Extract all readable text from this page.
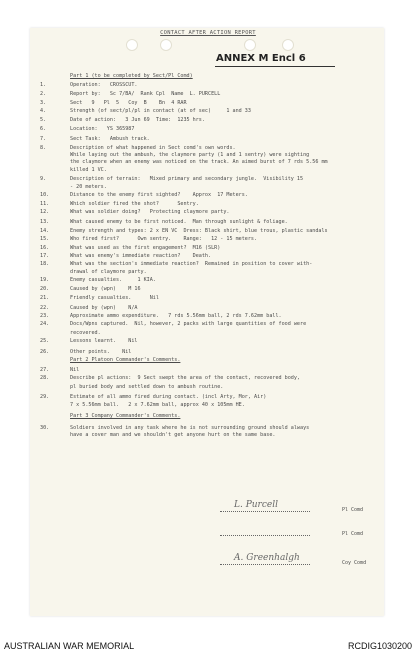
CONTACT AFTER ACTION REPORT
ANNEX M Encl 6
Part 1 (to be completed by Sect/Pl Comd)
1.	Operation:   CROSSCUT.
2.	Report by:   Sc 7/BA/  Rank Cpl  Name  L. PURCELL
3.	Sect   9   Pl  5   Coy  B    Bn  4 RAR
4.	Strength (of sect/pl/pl in contact (at of sec)     1 and 33
5.	Date of action:   3 Jun 69  Time:  1235 hrs.
6.	Location:   YS 365987
7.	Sect Task:   Ambush track.
8.	Description of what happened in Sect comd's own words.
While laying out the ambush, the claymore party (1 and 1 sentry) were sighting
the claymore when an enemy was noticed on the track. An aimed burst of 7 rds 5.56 mm
killed 1 VC.
9.	Description of terrain:   Mixed primary and secondary jungle.  Visibility 15
- 20 meters.
10.	Distance to the enemy first sighted?    Approx  17 Meters.
11.	Which soldier fired the shot?      Sentry.
12.	What was soldier doing?   Protecting claymore party.
13.	What caused enemy to be first noticed.  Man through sunlight & foliage.
14.	Enemy strength and types: 2 x EN VC  Dress: Black shirt, blue trous, plastic sandals
15.	Who fired first?      Own sentry.    Range:   12 - 15 meters.
16.	What was used as the first engagement?  M16 (SLR)
17.	What was enemy's immediate reaction?    Death.
18.	What was the section's immediate reaction?  Remained in position to cover with-
drawal of claymore party.
19.	Enemy casualties.     1 KIA.
20.	Caused by (wpn)    M 16
21.	Friendly casualties.      Nil
22.	Caused by (wpn)    N/A
23.	Approximate ammo expenditure.   7 rds 5.56mm ball, 2 rds 7.62mm ball.
24.	Docs/Wpns captured.  Nil, however, 2 packs with large quantities of food were
recovered.
25.	Lessons learnt.    Nil
26.	Other points.    Nil
Part 2 Platoon Commander's Comments.
27.	Nil
28.	Describe pl actions:  9 Sect swept the area of the contact, recovered body,
pl buried body and settled down to ambush routine.
29.	Estimate of all ammo fired during contact. (incl Arty, Mor, Air)
7 x 5.56mm ball.   2 x 7.62mm ball, approx 40 x 105mm HE.
Part 3 Company Commander's Comments.
30.	Soldiers involved in any task where he is not surrounding ground should always
have a cover man and we shouldn't get anyone hurt on the same base.
Pl Comd
L. Purcell
Pl Comd
Coy Comd
A. Greenhalgh
AUSTRALIAN WAR MEMORIAL	RCDIG1030200
